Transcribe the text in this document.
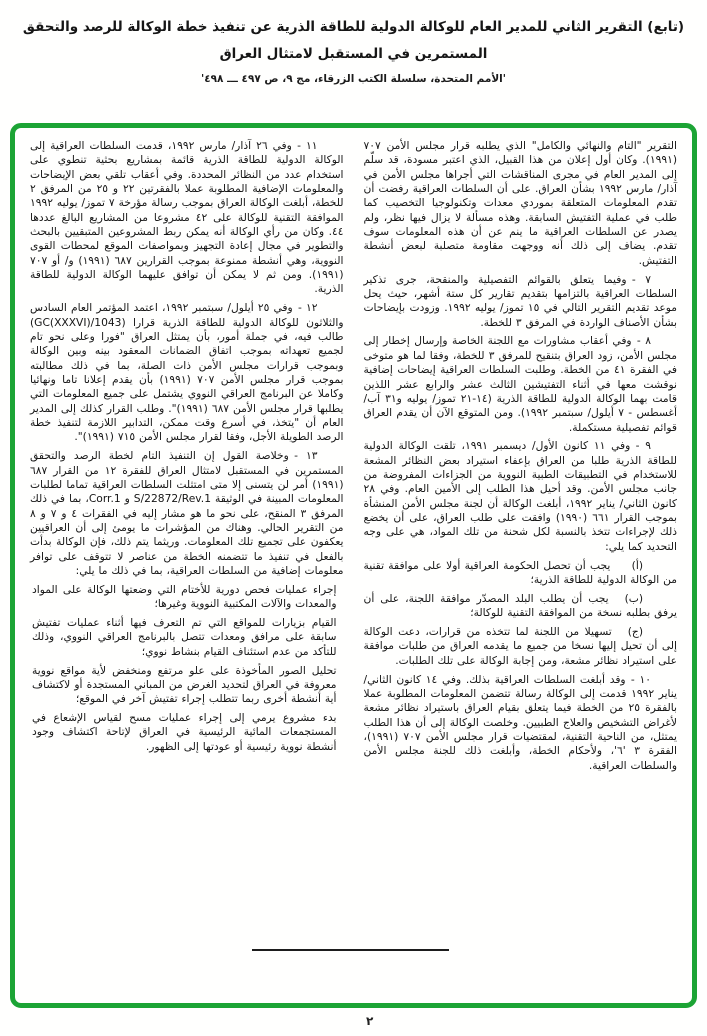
(تابع) التقرير الثاني للمدير العام للوكالة الدولية للطاقة الذرية عن تنفيذ خطة الوكالة للرصد والتحقق
المستمرين في المستقبل لامتثال العراق
'الأمم المتحدة، سلسلة الكتب الزرقاء، مج ٩، ص ٤٩٧ ـــ ٤٩٨'

التقرير "التام والنهائي والكامل" الذي يطلبه قرار مجلس الأمن ٧٠٧ (١٩٩١). وكان أول إعلان من هذا القبيل، الذي اعتبر مسودة، قد سلّم إلى المدير العام في مجرى المناقشات التي أجراها مجلس الأمن في آذار/ مارس ١٩٩٢ بشأن العراق. على أن السلطات العراقية رفضت أن تقدم المعلومات المتعلقة بموردي معدات وتكنولوجيا التخصيب كما طلب في عملية التفتيش السابقة. وهذه مسألة لا يزال فيها نظر، ولم يصدر عن السلطات العراقية ما ينم عن أن هذه المعلومات سوف تقدم. يضاف إلى ذلك أنه ووجهت مقاومة متصلبة لبعض أنشطة التفتيش.

٧ - وفيما يتعلق بالقوائم التفصيلية والمنقحة، جرى تذكير السلطات العراقية بالتزامها بتقديم تقارير كل ستة أشهر، حيث يحل موعد تقديم التقرير التالي في ١٥ تموز/ يوليه ١٩٩٢. وزودت بإيضاحات بشأن الأصناف الواردة في المرفق ٣ للخطة.

٨ - وفي أعقاب مشاورات مع اللجنة الخاصة وإرسال إخطار إلى مجلس الأمن، زود العراق بتنقيح للمرفق ٣ للخطة، وفقا لما هو متوخى في الفقرة ٤١ من الخطة. وطلبت السلطات العراقية إيضاحات إضافية نوقشت معها في أثناء التفتيشين الثالث عشر والرابع عشر اللذين قامت بهما الوكالة الدولية للطاقة الذرية (١٤-٢١ تموز/ يوليه و٣١ آب/ أغسطس - ٧ أيلول/ سبتمبر ١٩٩٢). ومن المتوقع الآن أن يقدم العراق قوائم تفصيلية مستكملة.

٩ - وفي ١١ كانون الأول/ ديسمبر ١٩٩١، تلقت الوكالة الدولية للطاقة الذرية طلبا من العراق بإعفاء استيراد بعض النظائر المشعة للاستخدام في التطبيقات الطبية النووية من الجزاءات المفروضة من جانب مجلس الأمن. وقد أحيل هذا الطلب إلى الأمين العام. وفي ٢٨ كانون الثاني/ يناير ١٩٩٢، أبلغت الوكالة أن لجنة مجلس الأمن المنشأة بموجب القرار ٦٦١ (١٩٩٠) وافقت على طلب العراق، على أن يخضع ذلك لإجراءات تتخذ بالنسبة لكل شحنة من تلك المواد، هي على وجه التحديد كما يلي:

(أ)  يجب أن تحصل الحكومة العراقية أولا على موافقة تقنية من الوكالة الدولية للطاقة الذرية؛

(ب)  يجب أن يطلب البلد المصدّر موافقة اللجنة، على أن يرفق بطلبه نسخة من الموافقة التقنية للوكالة؛

(ج)  تسهيلا من اللجنة لما تتخذه من قرارات، دعت الوكالة إلى أن تحيل إليها نسخا من جميع ما يقدمه العراق من طلبات موافقة على استيراد نظائر مشعة، ومن إجابة الوكالة على تلك الطلبات.

١٠ - وقد أبلغت السلطات العراقية بذلك. وفي ١٤ كانون الثاني/ يناير ١٩٩٢ قدمت إلى الوكالة رسالة تتضمن المعلومات المطلوبة عملا بالفقرة ٢٥ من الخطة فيما يتعلق بقيام العراق باستيراد نظائر مشعة لأغراض التشخيص والعلاج الطبيين. وخلصت الوكالة إلى أن هذا الطلب يمتثل، من الناحية التقنية، لمقتضيات قرار مجلس الأمن ٧٠٧ (١٩٩١)، الفقرة ٣ '٦'، ولأحكام الخطة، وأبلغت ذلك للجنة مجلس الأمن والسلطات العراقية.

١١ - وفي ٢٦ آذار/ مارس ١٩٩٢، قدمت السلطات العراقية إلى الوكالة الدولية للطاقة الذرية قائمة بمشاريع بحثية تنطوي على استخدام عدد من النظائر المحددة. وفي أعقاب تلقي بعض الإيضاحات والمعلومات الإضافية المطلوبة عملا بالفقرتين ٢٢ و ٢٥ من المرفق ٢ للخطة، أبلغت الوكالة العراق بموجب رسالة مؤرخة ٧ تموز/ يوليه ١٩٩٢ الموافقة التقنية للوكالة على ٤٢ مشروعا من المشاريع البالغ عددها ٤٤. وكان من رأي الوكالة أنه يمكن ربط المشروعين المتبقيين بالبحث والتطوير في مجال إعادة التجهيز وبمواصفات الموقع لمحطات القوى النووية، وهي أنشطة ممنوعة بموجب القرارين ٦٨٧ (١٩٩١) و/ أو ٧٠٧ (١٩٩١). ومن ثم لا يمكن أن توافق عليهما الوكالة الدولية للطاقة الذرية.

١٢ - وفي ٢٥ أيلول/ سبتمبر ١٩٩٢، اعتمد المؤتمر العام السادس والثلاثون للوكالة الدولية للطاقة الذرية قرارا (GC(XXXVI)/1043) طالب فيه، في جملة أمور، بأن يمتثل العراق "فورا وعلى نحو تام لجميع تعهداته بموجب اتفاق الضمانات المعقود بينه وبين الوكالة وبموجب قرارات مجلس الأمن ذات الصلة، بما في ذلك مطالبته بموجب قرار مجلس الأمن ٧٠٧ (١٩٩١) بأن يقدم إعلانا تاما ونهائيا وكاملا عن البرنامج العراقي النووي يشتمل على جميع المعلومات التي يطلبها قرار مجلس الأمن ٦٨٧ (١٩٩١)". وطلب القرار كذلك إلى المدير العام أن "يتخذ، في أسرع وقت ممكن، التدابير اللازمة لتنفيذ خطة الرصد الطويلة الأجل، وفقا لقرار مجلس الأمن ٧١٥ (١٩٩١)".

١٣ - وخلاصة القول إن التنفيذ التام لخطة الرصد والتحقق المستمرين في المستقبل لامتثال العراق للفقرة ١٢ من القرار ٦٨٧ (١٩٩١) أمر لن يتسنى إلا متى امتثلت السلطات العراقية تماما لطلبات المعلومات المبينة في الوثيقة S/22872/Rev.1 و Corr.1، بما في ذلك المرفق ٣ المنقح، على نحو ما هو مشار إليه في الفقرات ٤ و ٧ و ٨ من التقرير الحالي. وهناك من المؤشرات ما يومئ إلى أن العراقيين يعكفون على تجميع تلك المعلومات. وريثما يتم ذلك، فإن الوكالة بدأت بالفعل في تنفيذ ما تتضمنه الخطة من عناصر لا تتوقف على توافر معلومات إضافية من السلطات العراقية، بما في ذلك ما يلي:

إجراء عمليات فحص دورية للأختام التي وضعتها الوكالة على المواد والمعدات والآلات المكتبية النووية وغيرها؛

القيام بزيارات للمواقع التي تم التعرف فيها أثناء عمليات تفتيش سابقة على مرافق ومعدات تتصل بالبرنامج العراقي النووي، وذلك للتأكد من عدم استئناف القيام بنشاط نووي؛

تحليل الصور المأخوذة على علو مرتفع ومنخفض لأية مواقع نووية معروفة في العراق لتحديد الغرض من المباني المستجدة أو لاكتشاف أية أنشطة أخرى ربما تتطلب إجراء تفتيش آخر في الموقع؛

بدء مشروع يرمي إلى إجراء عمليات مسح لقياس الإشعاع في المستجمعات المائية الرئيسية في العراق لإتاحة اكتشاف وجود أنشطة نووية رئيسية أو عودتها إلى الظهور.

٢
